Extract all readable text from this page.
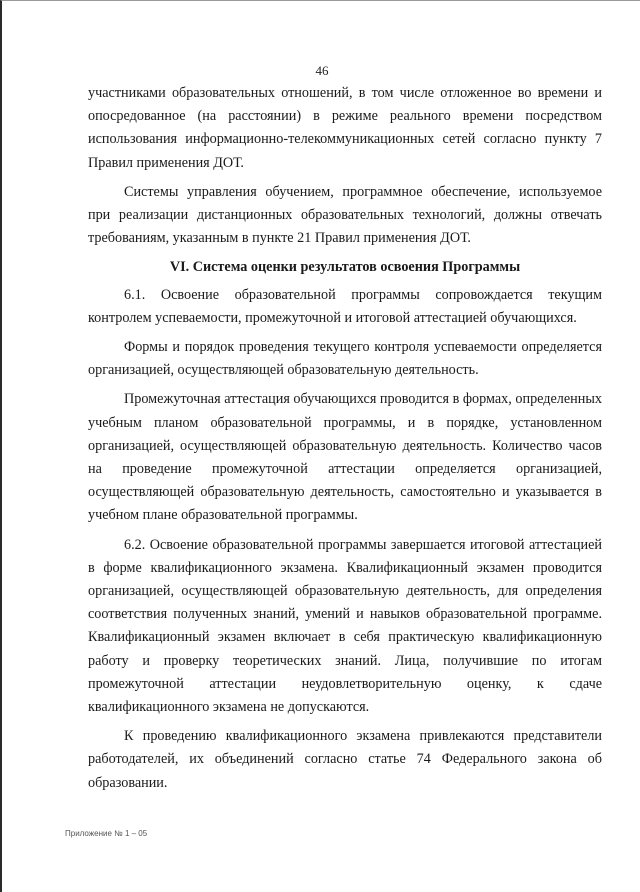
46

участниками образовательных отношений, в том числе отложенное во времени и опосредованное (на расстоянии) в режиме реального времени посредством использования информационно-телекоммуникационных сетей согласно пункту 7 Правил применения ДОТ.

Системы управления обучением, программное обеспечение, используемое при реализации дистанционных образовательных технологий, должны отвечать требованиям, указанным в пункте 21 Правил применения ДОТ.

VI. Система оценки результатов освоения Программы

6.1. Освоение образовательной программы сопровождается текущим контролем успеваемости, промежуточной и итоговой аттестацией обучающихся.

Формы и порядок проведения текущего контроля успеваемости определяется организацией, осуществляющей образовательную деятельность.

Промежуточная аттестация обучающихся проводится в формах, определенных учебным планом образовательной программы, и в порядке, установленном организацией, осуществляющей образовательную деятельность. Количество часов на проведение промежуточной аттестации определяется организацией, осуществляющей образовательную деятельность, самостоятельно и указывается в учебном плане образовательной программы.

6.2. Освоение образовательной программы завершается итоговой аттестацией в форме квалификационного экзамена. Квалификационный экзамен проводится организацией, осуществляющей образовательную деятельность, для определения соответствия полученных знаний, умений и навыков образовательной программе. Квалификационный экзамен включает в себя практическую квалификационную работу и проверку теоретических знаний. Лица, получившие по итогам промежуточной аттестации неудовлетворительную оценку, к сдаче квалификационного экзамена не допускаются.

К проведению квалификационного экзамена привлекаются представители работодателей, их объединений согласно статье 74 Федерального закона об образовании.

Приложение № 1 – 05
